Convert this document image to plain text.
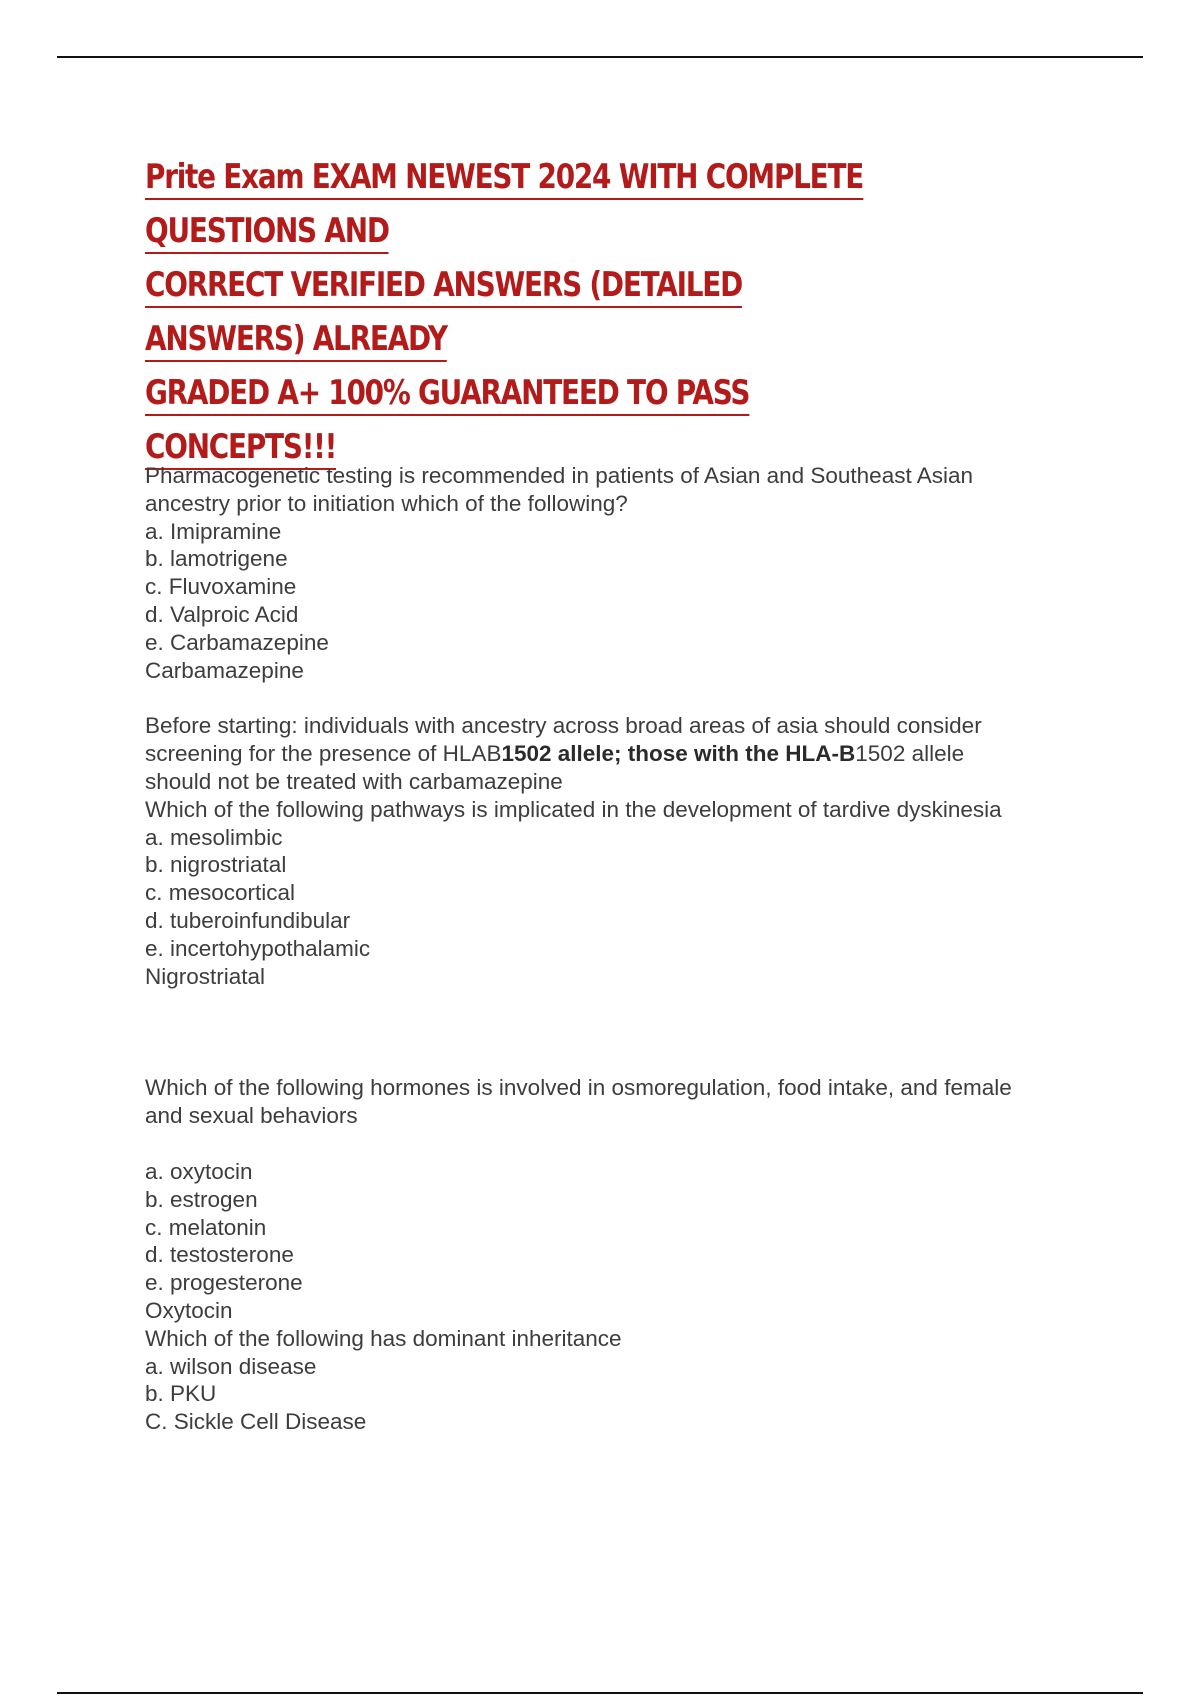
Prite Exam EXAM NEWEST 2024 WITH COMPLETE QUESTIONS AND
CORRECT VERIFIED ANSWERS (DETAILED ANSWERS) ALREADY
GRADED A+ 100% GUARANTEED TO PASS CONCEPTS!!!
Pharmacogenetic testing is recommended in patients of Asian and Southeast Asian
ancestry prior to initiation which of the following?
a. Imipramine
b. lamotrigene
c. Fluvoxamine
d. Valproic Acid
e. Carbamazepine
Carbamazepine
Before starting: individuals with ancestry across broad areas of asia should consider
screening for the presence of HLAB1502 allele; those with the HLA-B1502 allele
should not be treated with carbamazepine
Which of the following pathways is implicated in the development of tardive dyskinesia
a. mesolimbic
b. nigrostriatal
c. mesocortical
d. tuberoinfundibular
e. incertohypothalamic
Nigrostriatal
Which of the following hormones is involved in osmoregulation, food intake, and female
and sexual behaviors
a. oxytocin
b. estrogen
c. melatonin
d. testosterone
e. progesterone
Oxytocin
Which of the following has dominant inheritance
a. wilson disease
b. PKU
C. Sickle Cell Disease
